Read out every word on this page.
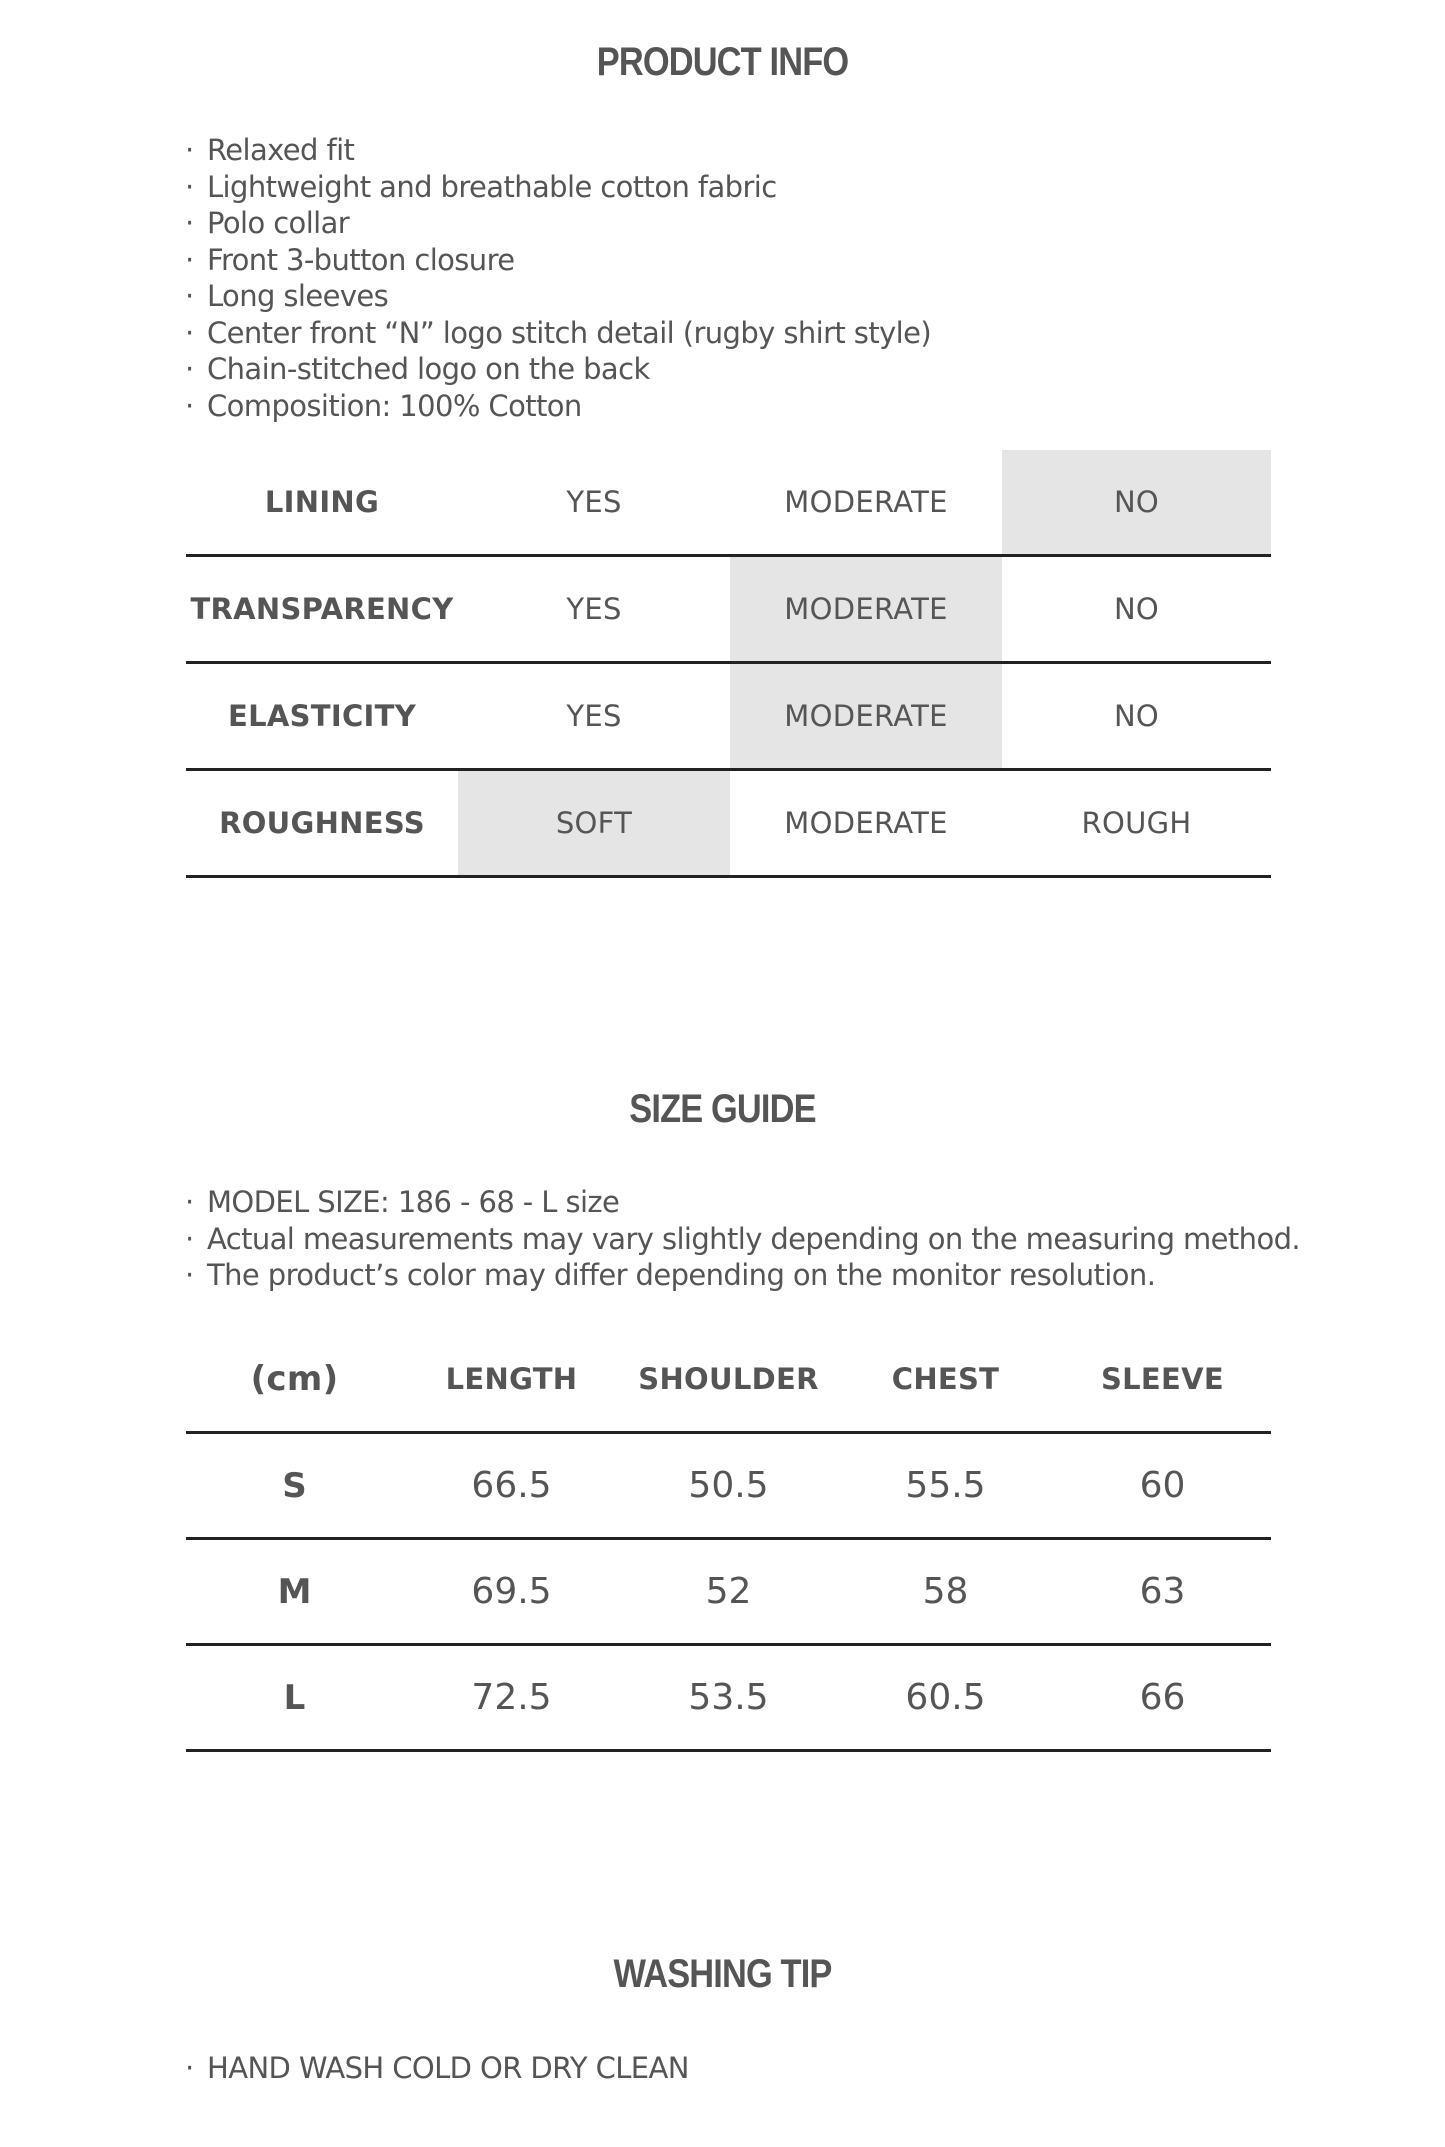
PRODUCT INFO
· Relaxed fit
· Lightweight and breathable cotton fabric
· Polo collar
· Front 3-button closure
· Long sleeves
· Center front “N” logo stitch detail (rugby shirt style)
· Chain-stitched logo on the back
· Composition: 100% Cotton
LINING	YES	MODERATE	NO
TRANSPARENCY	YES	MODERATE	NO
ELASTICITY	YES	MODERATE	NO
ROUGHNESS	SOFT	MODERATE	ROUGH
SIZE GUIDE
· MODEL SIZE: 186 - 68 - L size
· Actual measurements may vary slightly depending on the measuring method.
· The product’s color may differ depending on the monitor resolution.
(cm)	LENGTH	SHOULDER	CHEST	SLEEVE
S	66.5	50.5	55.5	60
M	69.5	52	58	63
L	72.5	53.5	60.5	66
WASHING TIP
· HAND WASH COLD OR DRY CLEAN
